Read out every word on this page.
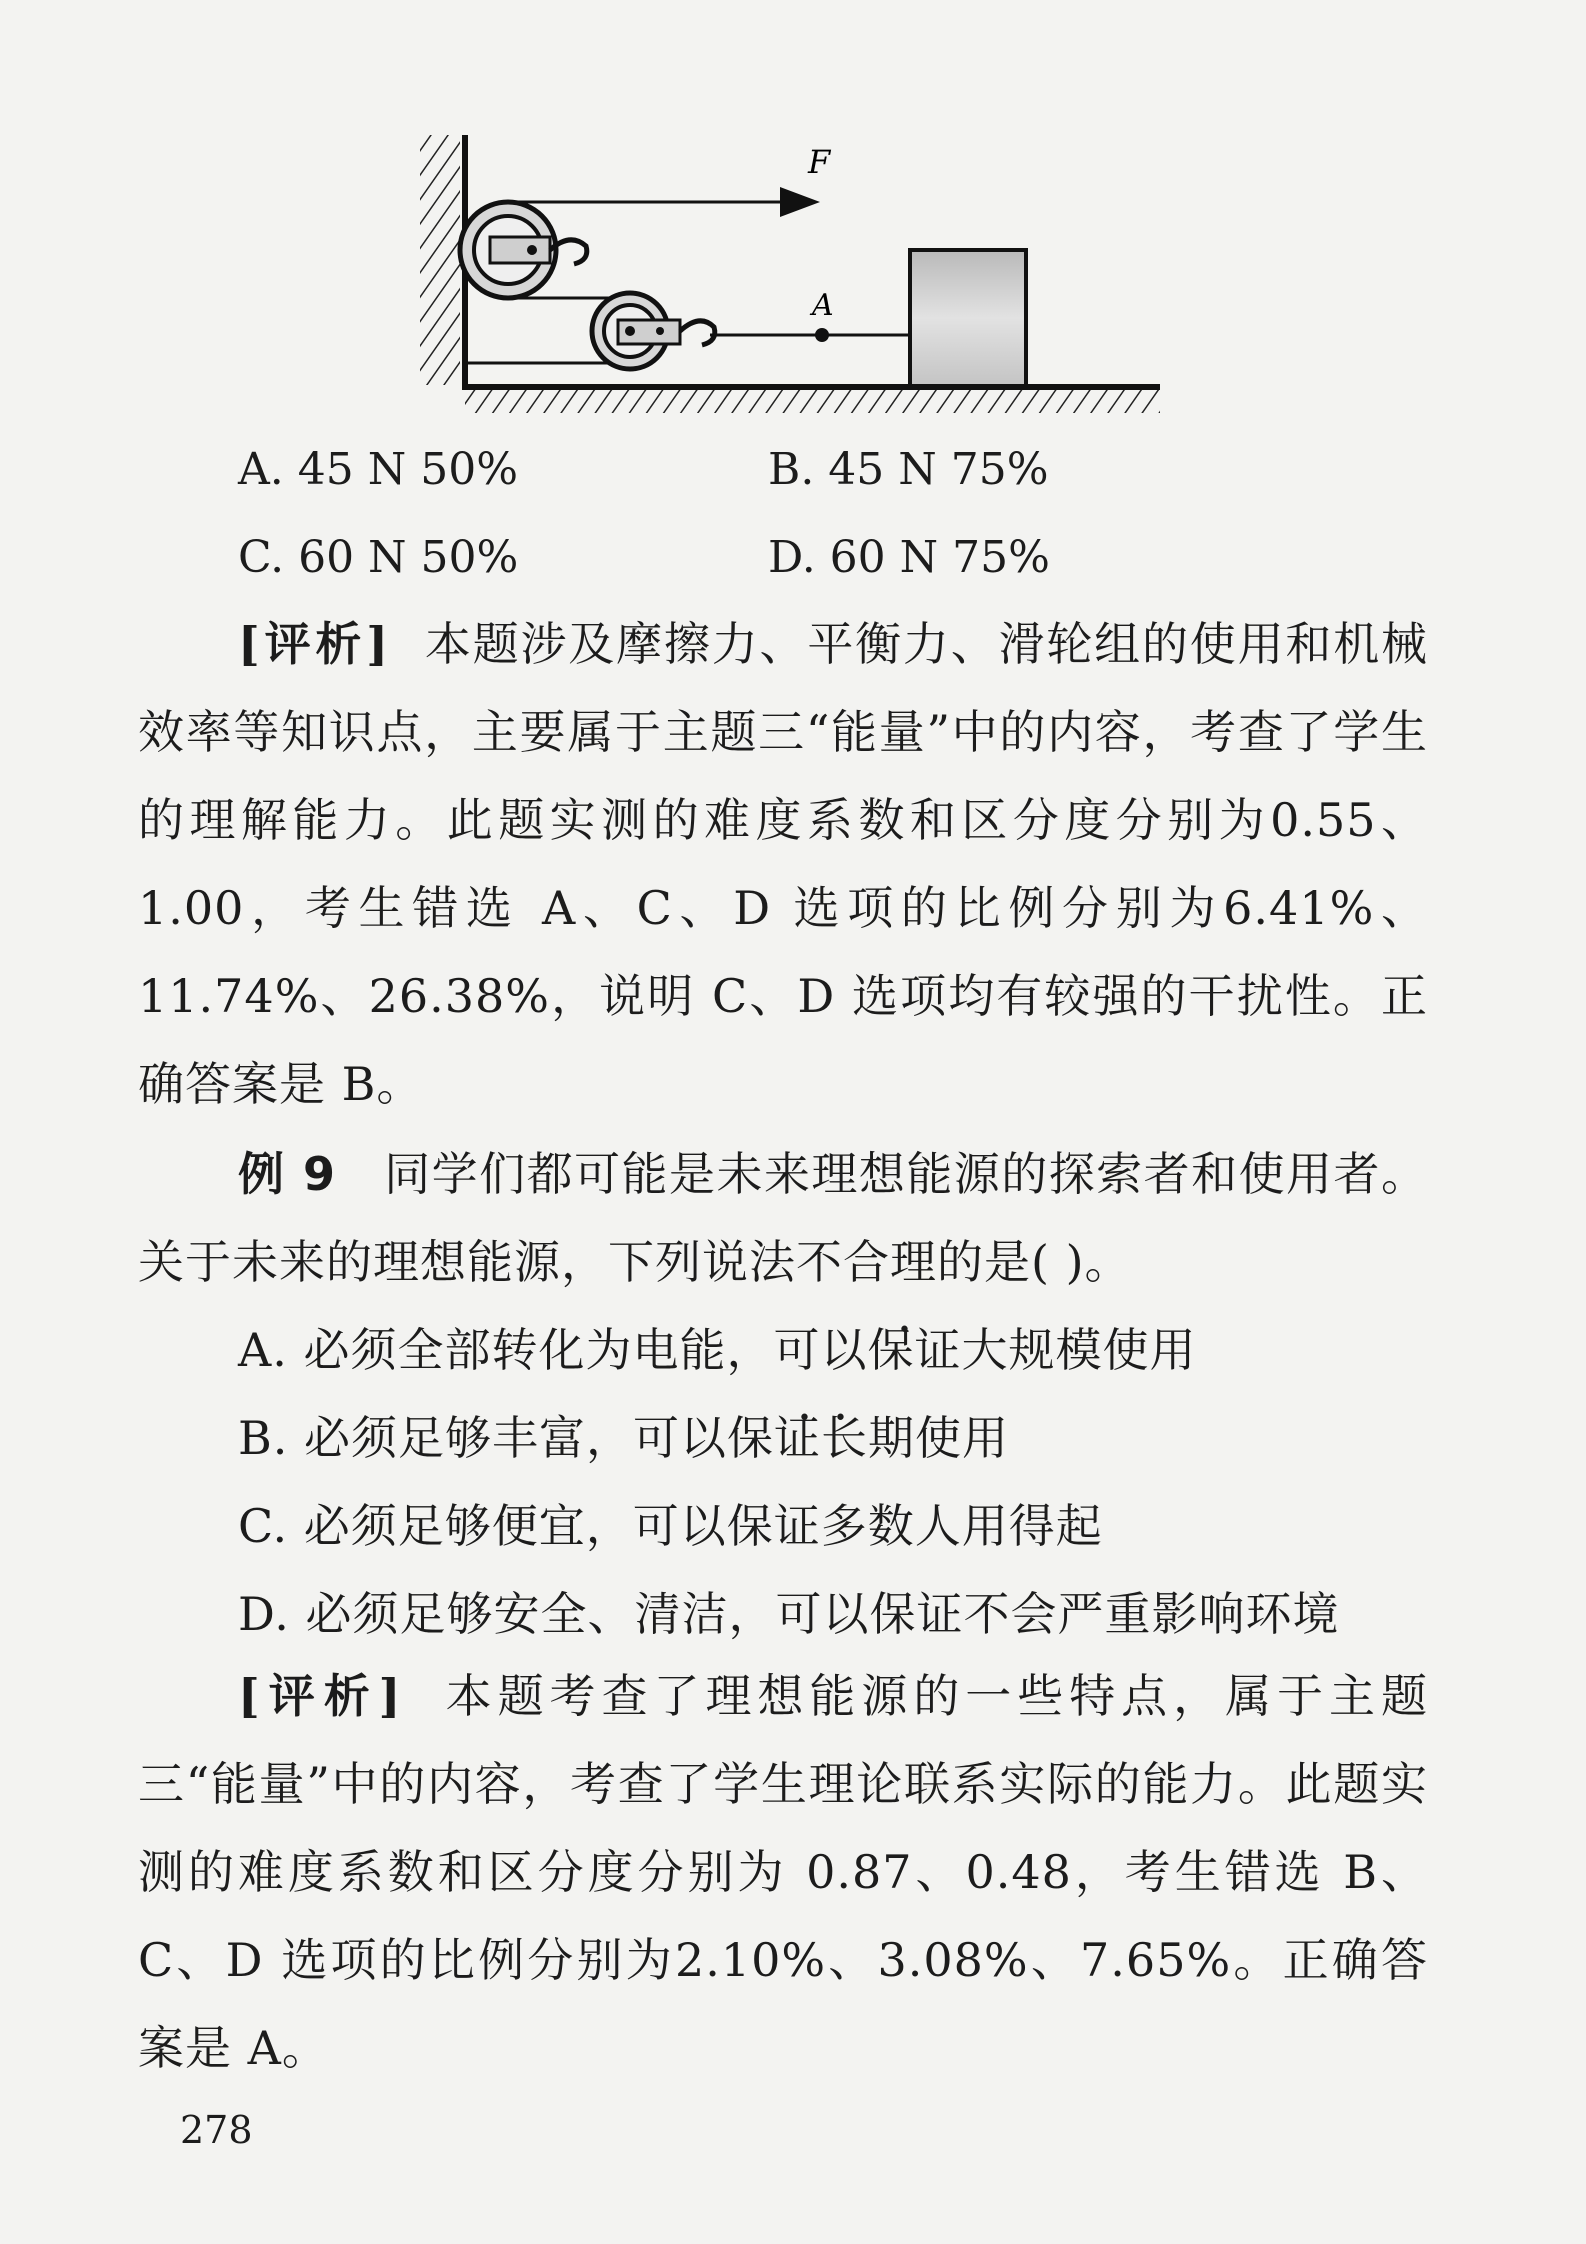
F
A
A. 45 N 50%	B. 45 N 75%
C. 60 N 50%	D. 60 N 75%
[评析] 本题涉及摩擦力、平衡力、滑轮组的使用和机械效率等知识点，主要属于主题三“能量”中的内容，考查了学生的理解能力。此题实测的难度系数和区分度分别为0.55、1.00，考生错选 A、C、D 选项的比例分别为6.41%、11.74%、26.38%，说明 C、D 选项均有较强的干扰性。正确答案是 B。
例 9 同学们都可能是未来理想能源的探索者和使用者。关于未来的理想能源，下列说法不合理 • • •的是( )。
A. 必须全部转化为电能，可以保证大规模使用
B. 必须足够丰富，可以保证长期使用
C. 必须足够便宜，可以保证多数人用得起
D. 必须足够安全、清洁，可以保证不会严重影响环境
[评析] 本题考查了理想能源的一些特点，属于主题三“能量”中的内容，考查了学生理论联系实际的能力。此题实测的难度系数和区分度分别为 0.87、0.48，考生错选 B、C、D 选项的比例分别为2.10%、3.08%、7.65%。正确答案是 A。
278
